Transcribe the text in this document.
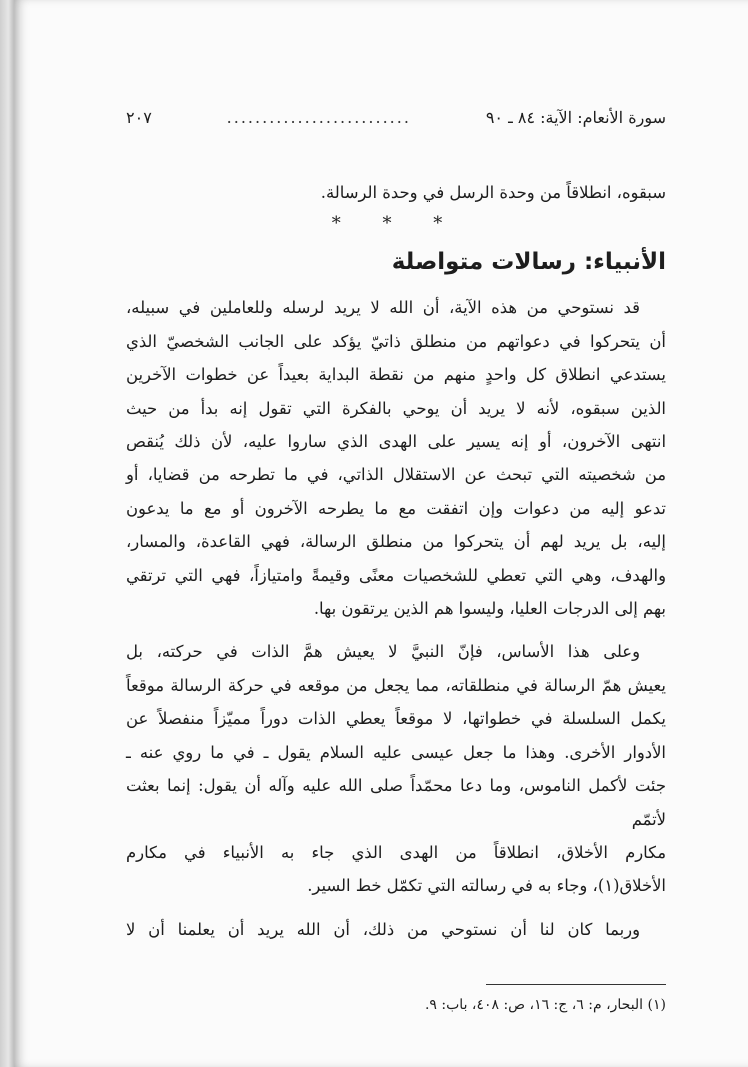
سورة الأنعام: الآية: ٨٤ ـ ٩٠
..........................
٢٠٧

سبقوه، انطلاقاً من وحدة الرسل في وحدة الرسالة.

* * *
الأنبياء: رسالات متواصلة

قد نستوحي من هذه الآية، أن الله لا يريد لرسله وللعاملين في سبيله،

أن يتحركوا في دعواتهم من منطلق ذاتيّ يؤكد على الجانب الشخصيّ الذي

يستدعي انطلاق كل واحدٍ منهم من نقطة البداية بعيداً عن خطوات الآخرين

الذين سبقوه، لأنه لا يريد أن يوحي بالفكرة التي تقول إنه بدأ من حيث

انتهى الآخرون، أو إنه يسير على الهدى الذي ساروا عليه، لأن ذلك يُنقص

من شخصيته التي تبحث عن الاستقلال الذاتي، في ما تطرحه من قضايا، أو

تدعو إليه من دعوات وإن اتفقت مع ما يطرحه الآخرون أو مع ما يدعون

إليه، بل يريد لهم أن يتحركوا من منطلق الرسالة، فهي القاعدة، والمسار،

والهدف، وهي التي تعطي للشخصيات معنًى وقيمةً وامتيازاً، فهي التي ترتقي

بهم إلى الدرجات العليا، وليسوا هم الذين يرتقون بها.

وعلى هذا الأساس، فإنّ النبيَّ لا يعيش همَّ الذات في حركته، بل

يعيش همّ الرسالة في منطلقاته، مما يجعل من موقعه في حركة الرسالة موقعاً

يكمل السلسلة في خطواتها، لا موقعاً يعطي الذات دوراً مميّزاً منفصلاً عن

الأدوار الأخرى. وهذا ما جعل عيسى عليه السلام يقول ـ في ما روي عنه ـ

جئت لأكمل الناموس، وما دعا محمّداً صلى الله عليه وآله أن يقول: إنما بعثت لأتمّم

مكارم الأخلاق، انطلاقاً من الهدى الذي جاء به الأنبياء في مكارم

الأخلاق(١)، وجاء به في رسالته التي تكمّل خط السير.

وربما كان لنا أن نستوحي من ذلك، أن الله يريد أن يعلمنا أن لا

(١) البحار، م: ٦، ج: ١٦، ص: ٤٠٨، باب: ٩.
